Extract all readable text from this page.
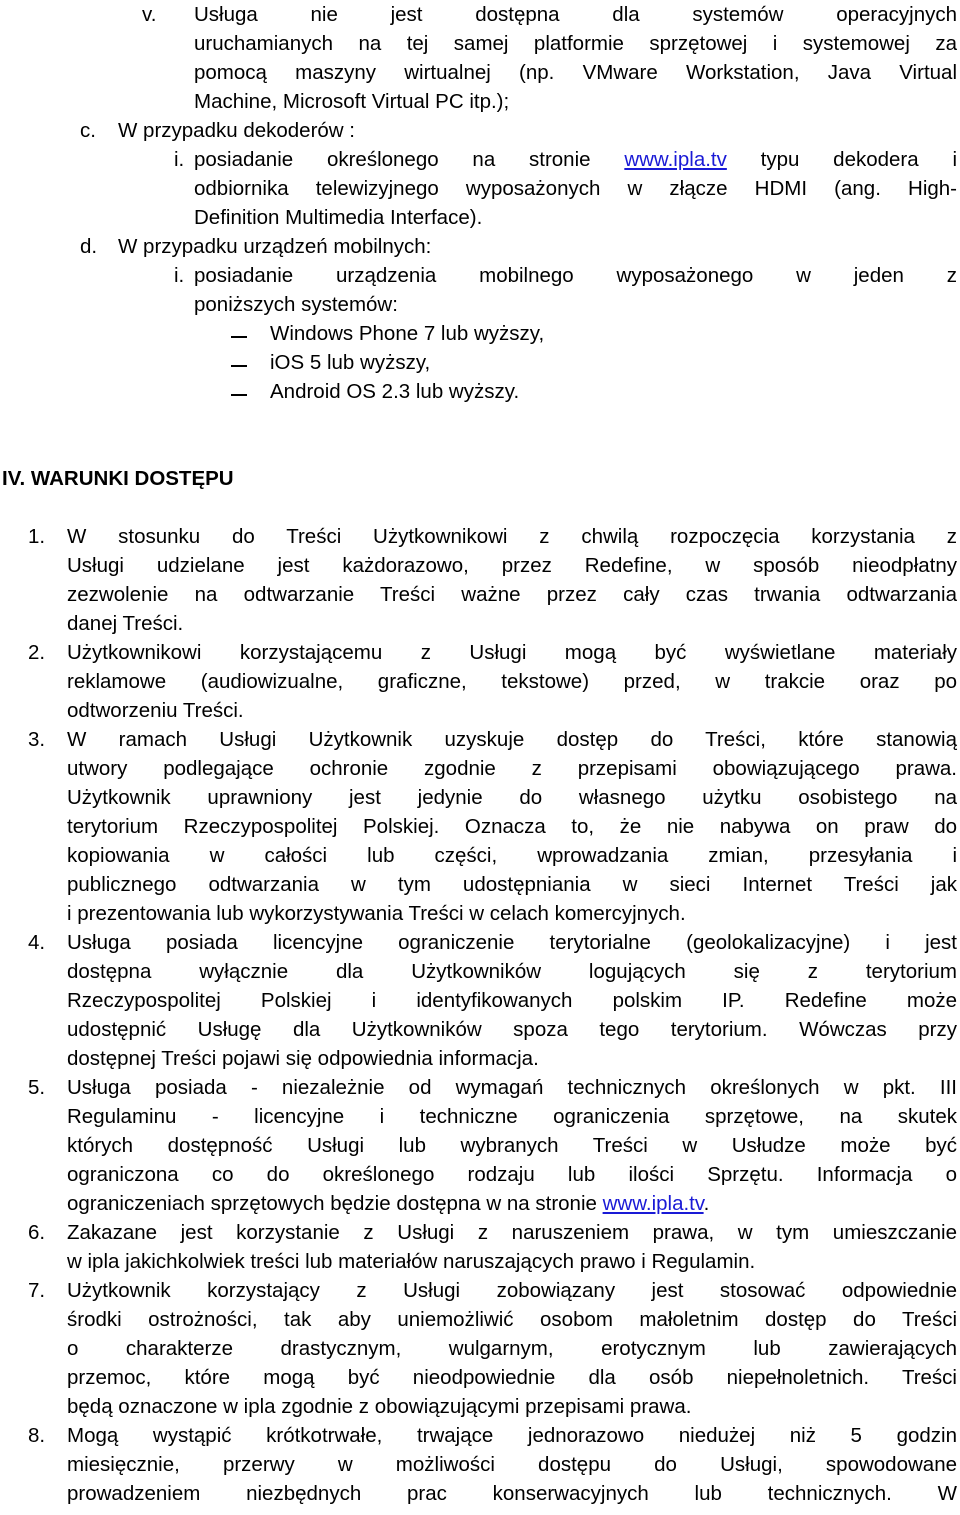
v. Usługa nie jest dostępna dla systemów operacyjnych
uruchamianych na tej samej platformie sprzętowej i systemowej za
pomocą maszyny wirtualnej (np. VMware Workstation, Java Virtual
Machine, Microsoft Virtual PC itp.);
c. W przypadku dekoderów :
i. posiadanie określonego na stronie www.ipla.tv typu dekodera i
odbiornika telewizyjnego wyposażonych w złącze HDMI (ang. High-
Definition Multimedia Interface).
d. W przypadku urządzeń mobilnych:
i. posiadanie urządzenia mobilnego wyposażonego w jeden z
poniższych systemów:
Windows Phone 7 lub wyższy,
iOS 5 lub wyższy,
Android OS 2.3 lub wyższy.
IV. WARUNKI DOSTĘPU
1. W stosunku do Treści Użytkownikowi z chwilą rozpoczęcia korzystania z
Usługi udzielane jest każdorazowo, przez Redefine, w sposób nieodpłatny
zezwolenie na odtwarzanie Treści ważne przez cały czas trwania odtwarzania
danej Treści.
2. Użytkownikowi korzystającemu z Usługi mogą być wyświetlane materiały
reklamowe (audiowizualne, graficzne, tekstowe) przed, w trakcie oraz po
odtworzeniu Treści.
3. W ramach Usługi Użytkownik uzyskuje dostęp do Treści, które stanowią
utwory podlegające ochronie zgodnie z przepisami obowiązującego prawa.
Użytkownik uprawniony jest jedynie do własnego użytku osobistego na
terytorium Rzeczypospolitej Polskiej. Oznacza to, że nie nabywa on praw do
kopiowania w całości lub części, wprowadzania zmian, przesyłania i
publicznego odtwarzania w tym udostępniania w sieci Internet Treści jak
i prezentowania lub wykorzystywania Treści w celach komercyjnych.
4. Usługa posiada licencyjne ograniczenie terytorialne (geolokalizacyjne) i jest
dostępna wyłącznie dla Użytkowników logujących się z terytorium
Rzeczypospolitej Polskiej i identyfikowanych polskim IP. Redefine może
udostępnić Usługę dla Użytkowników spoza tego terytorium. Wówczas przy
dostępnej Treści pojawi się odpowiednia informacja.
5. Usługa posiada - niezależnie od wymagań technicznych określonych w pkt. III
Regulaminu - licencyjne i techniczne ograniczenia sprzętowe, na skutek
których dostępność Usługi lub wybranych Treści w Usłudze może być
ograniczona co do określonego rodzaju lub ilości Sprzętu. Informacja o
ograniczeniach sprzętowych będzie dostępna w na stronie www.ipla.tv.
6. Zakazane jest korzystanie z Usługi z naruszeniem prawa, w tym umieszczanie
w ipla jakichkolwiek treści lub materiałów naruszających prawo i Regulamin.
7. Użytkownik korzystający z Usługi zobowiązany jest stosować odpowiednie
środki ostrożności, tak aby uniemożliwić osobom małoletnim dostęp do Treści
o charakterze drastycznym, wulgarnym, erotycznym lub zawierających
przemoc, które mogą być nieodpowiednie dla osób niepełnoletnich. Treści
będą oznaczone w ipla zgodnie z obowiązującymi przepisami prawa.
8. Mogą wystąpić krótkotrwałe, trwające jednorazowo niedużej niż 5 godzin
miesięcznie, przerwy w możliwości dostępu do Usługi, spowodowane
prowadzeniem niezbędnych prac konserwacyjnych lub technicznych. W
